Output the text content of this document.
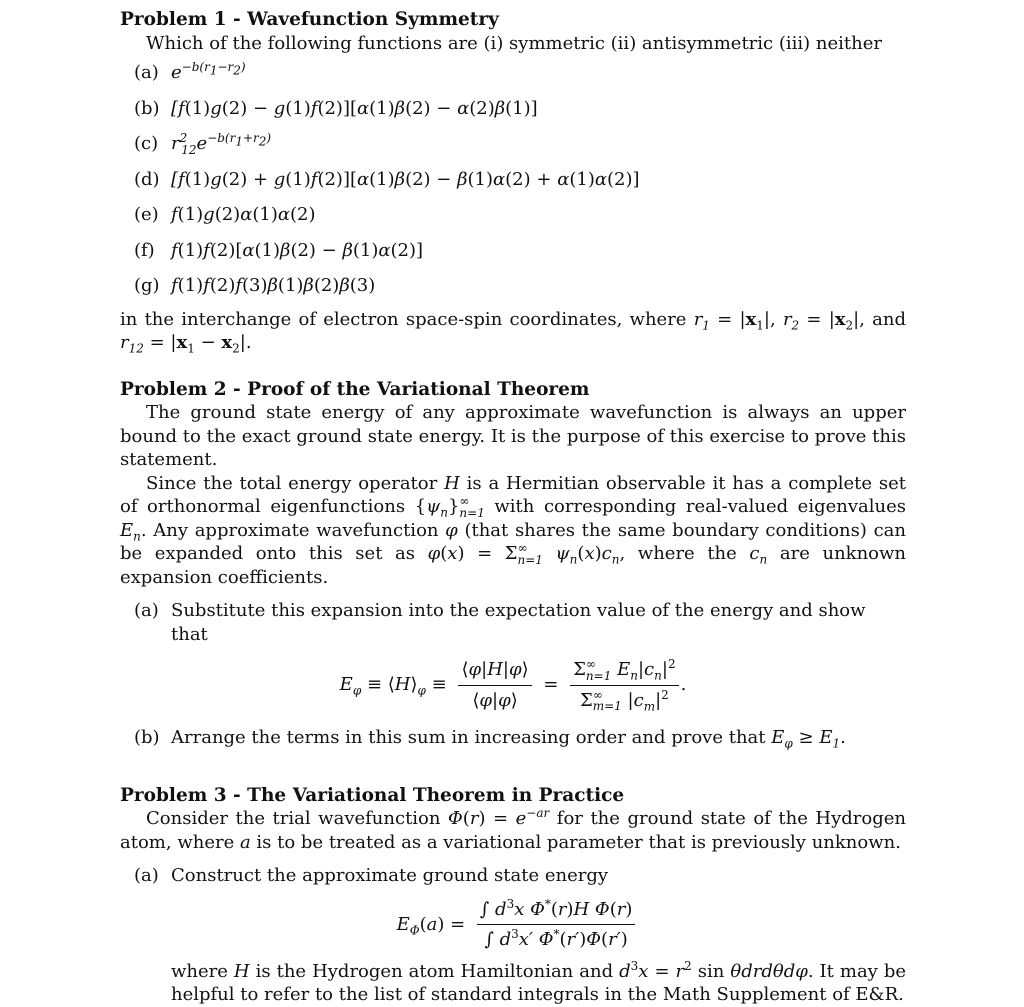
Problem 1 - Wavefunction Symmetry

Which of the following functions are (i) symmetric (ii) antisymmetric (iii) neither

(a) $e^{-b(r_1-r_2)}$
(b) [f(1)g(2) − g(1)f(2)][α(1)β(2) − α(2)β(1)]
(c) $r^2_{12}e^{-b(r_1+r_2)}$
(d) [f(1)g(2) + g(1)f(2)][α(1)β(2) − β(1)α(2) + α(1)α(2)]
(e) f(1)g(2)α(1)α(2)
(f) f(1)f(2)[α(1)β(2) − β(1)α(2)]
(g) f(1)f(2)f(3)β(1)β(2)β(3)

in the interchange of electron space-spin coordinates, where $r_1 = |x_1|$, $r_2 = |x_2|$, and $r_{12} = |x_1 - x_2|$.

Problem 2 - Proof of the Variational Theorem

The ground state energy of any approximate wavefunction is always an upper bound to the exact ground state energy. It is the purpose of this exercise to prove this statement.

Since the total energy operator H is a Hermitian observable it has a complete set of orthonormal eigenfunctions $\{\psi_n\}^\infty_{n=1}$ with corresponding real-valued eigenvalues $E_n$. Any approximate wavefunction φ (that shares the same boundary conditions) can be expanded onto this set as $\varphi(x) = \Sigma^\infty_{n=1}$ $\psi_n(x)c_n$, where the $c_n$ are unknown expansion coefficients.

(a) Substitute this expansion into the expectation value of the energy and show that
$E_\varphi$ ≡ $⟨H⟩_\varphi \equiv \frac{⟨\varphi|H|\varphi⟩}{⟨\varphi|\varphi⟩} = \frac{\Sigma^\infty_{n=1} E_n|c_n|^2}{\Sigma^\infty_{m=1} |c_m|^2}$ .
(b) Arrange the terms in this sum in increasing order and prove that $E_\varphi \ge E_1$.
Problem 3 - The Variational Theorem in Practice

Consider the trial wavefunction $\Phi(r) = e^{-ar}$ for the ground state of the Hydrogen atom, where a is to be treated as a variational parameter that is previously unknown.

(a) Construct the approximate ground state energy
$E_\Phi(a) = \frac{\int d^3x \Phi^*(r)H \Phi(r)}{\int d^3x' \Phi^*(r')\Phi(r')}$

where H is the Hydrogen atom Hamiltonian and $d^3x = r^2$ sin θdrdθdφ. It may be helpful to refer to the list of standard integrals in the Math Supplement of E&R.
